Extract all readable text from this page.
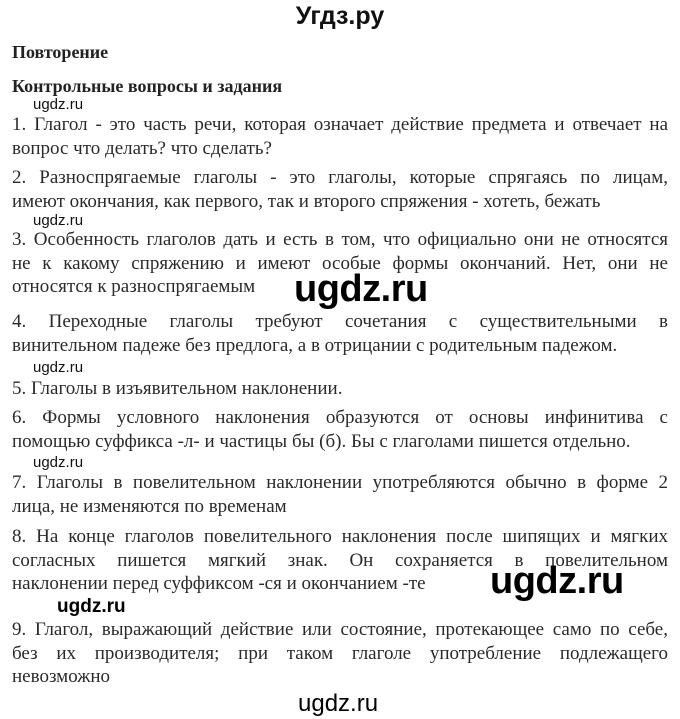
Угдз.ру
Повторение
Контрольные вопросы и задания
1. Глагол - это часть речи, которая означает действие предмета и отвечает на
вопрос что делать? что сделать?
2. Разноспрягаемые глаголы - это глаголы, которые спрягаясь по лицам,
имеют окончания, как первого, так и второго спряжения - хотеть, бежать
3. Особенность глаголов дать и есть в том, что официально они не относятся
не к какому спряжению и имеют особые формы окончаний. Нет, они не
относятся к разноспрягаемым
4. Переходные глаголы требуют сочетания с существительными в
винительном падеже без предлога, а в отрицании с родительным падежом.
5. Глаголы в изъявительном наклонении.
6. Формы условного наклонения образуются от основы инфинитива с
помощью суффикса -л- и частицы бы (б). Бы с глаголами пишется отдельно.
7. Глаголы в повелительном наклонении употребляются обычно в форме 2
лица, не изменяются по временам
8. На конце глаголов повелительного наклонения после шипящих и мягких
согласных пишется мягкий знак. Он сохраняется в повелительном
наклонении перед суффиксом -ся и окончанием -те
9. Глагол, выражающий действие или состояние, протекающее само по себе,
без их производителя; при таком глаголе употребление подлежащего
невозможно
ugdz.ru
ugdz.ru
ugdz.ru
ugdz.ru
ugdz.ru
ugdz.ru
ugdz.ru
ugdz.ru
